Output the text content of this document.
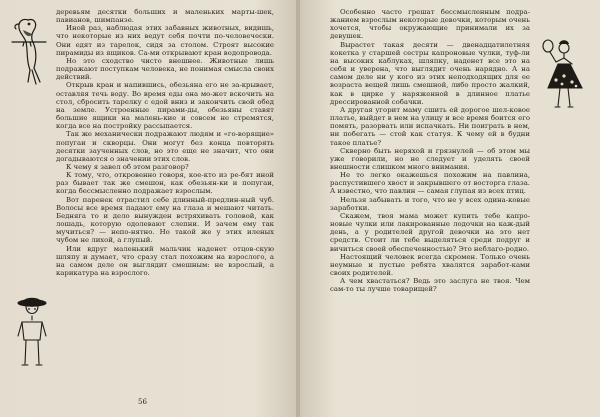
деревьям десятки больших и маленьких марты-шек, павианов, шимпанзе.

Иной раз, наблюдая этих забавных животных, видишь, что некоторые из них ведут себя почти по-человечески. Они едят из тарелок, сидя за столом. Строят высокие пирамиды из ящиков. Са-ми открывают кран водопровода.

Но это сходство чисто внешнее. Животные лишь подражают поступкам человека, не понимая смысла своих действий.

Открыв кран и напившись, обезьяна его не за-крывает, оставляя течь воду. Во время еды она мо-жет вскочить на стол, сбросить тарелку с едой вниз и закончить свой обед на земле. Устроенные пирами-ды, обезьяны ставят большие ящики на малень-кие и совсем не стремятся, когда все на постройку рассыпается.

Так же механически подражают людям и «го-ворящие» попугаи и скворцы. Они могут без конца повторять десятки заученных слов, но это еще не значит, что они догадываются о значении этих слов.

К чему я завел об этом разговор?

К тому, что, откровенно говоря, кое-кто из ре-бят иной раз бывает так же смешон, как обезьян-ки и попугаи, когда бессмысленно подражает взрослым.

Вот паренек отрастил себе длинный-предлин-ный чуб. Волосы все время падают ему на глаза и мешают читать. Бедняга то и дело вынужден встряхивать головой, как лошадь, которую одолевают слепни. И зачем ему так мучиться? — непо-нятно. Но такой же у этих иленых чубом не лихой, а глупый.

Или вдруг маленький мальчик наденет отцов-скую шляпу и думает, что сразу стал похожим на взрослого, а на самом деле он выглядит смешным: не взрослый, а карикатура на взрослого.

56

Особенно часто грешат бессмысленным подра-жанием взрослым некоторые девочки, которым очень хочется, чтобы окружающие принимали их за девушек.

Вырастет такая десяти — двенадцатилетняя кокетка у старшей сестры капроновые чулки, туф-ли на высоких каблуках, шляпку, наденет все это на себя и уверена, что выглядит очень нарядно. А на самом деле ни у кого из этих неподходящих для ее возраста вещей лишь смешной, либо просто жалкий, как в цирке у наряженной в длинное платье дрессированной собачки.

А другая угорит маму сшить ей дорогое шел-ковое платье, выйдет в нем на улицу и все время боится его помять, разорвать или испачкать. Ни поиграть в нем, ни побегать — стой как статуя. К чему ей в будни такое платье?

Скверно быть неряхой и грязнулей — об этом мы уже говорили, но не следует и уделять своей внешности слишком много внимания.

Не то легко окажешься похожим на павлина, распустившего хвост и закрывшего от восторга глаза. А известно, что павлин — самая глупая из всех птиц.

Нельзя забывать и того, что не у всех одина-ковые заработки.

Скажем, твоя мама может купить тебе капро-новые чулки или лакированные лодочки на каж-дый день, а у родителей другой девочки на это нет средств. Стоит ли тебе выделяться среди подруг и вичиться своей обеспеченностью? Это неблаго-родно.

Настоящий человек всегда скромен. Только очень неумные и пустые ребята хвалятся заработ-ками своих родителей.

А чем хвастаться? Ведь это заслуга не твоя. Чем сам-то ты лучше товарищей?
